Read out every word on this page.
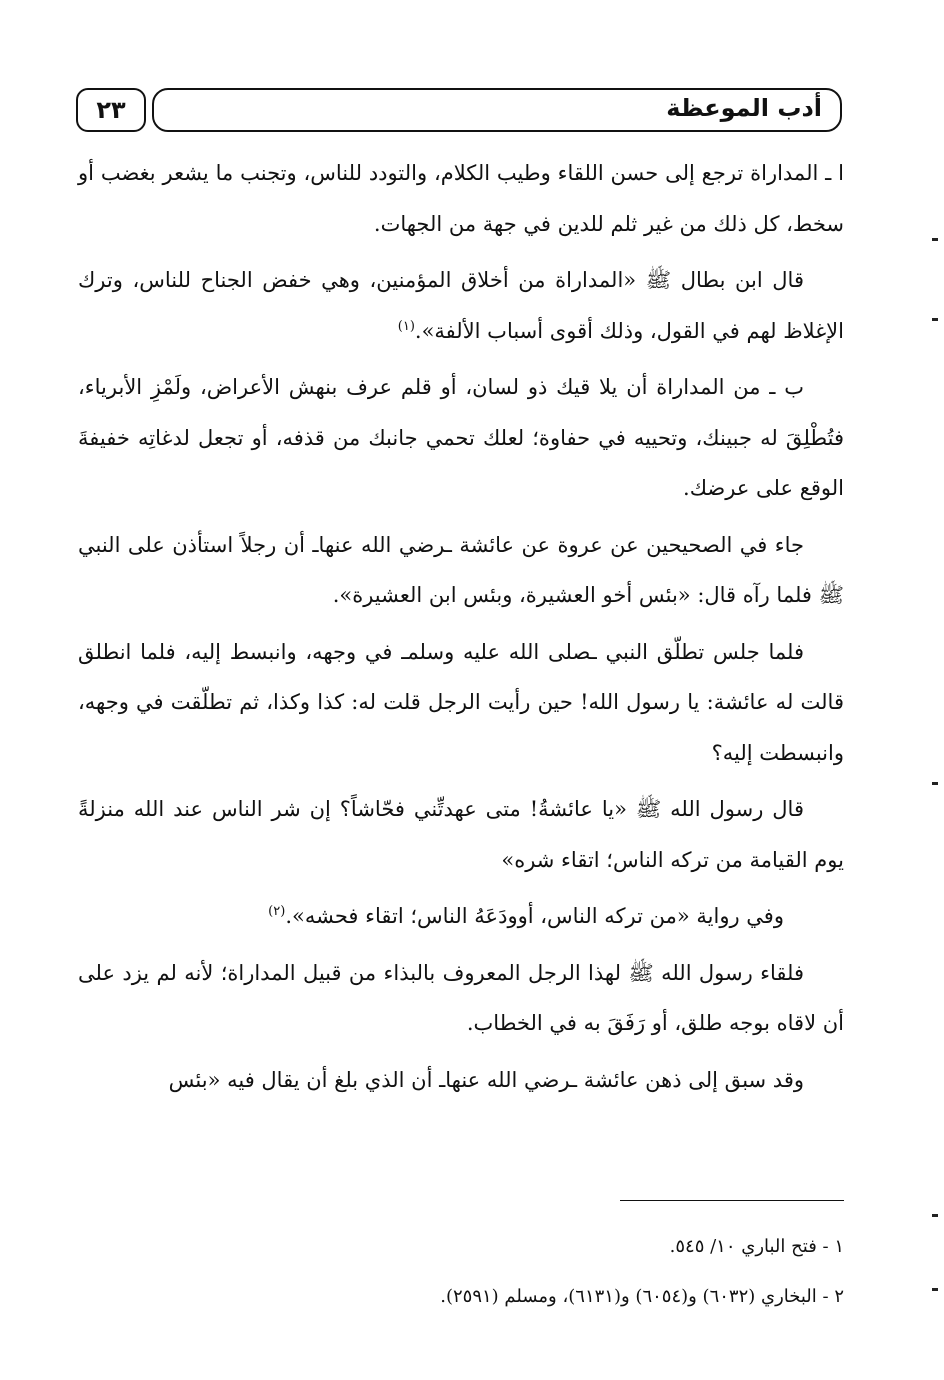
أدب الموعظة
٢٣

ا ـ المداراة ترجع إلى حسن اللقاء وطيب الكلام، والتودد للناس، وتجنب ما يشعر بغضب أو سخط، كل ذلك من غير ثلم للدين في جهة من الجهات.

قال ابن بطال ﷺ «المداراة من أخلاق المؤمنين، وهي خفض الجناح للناس، وترك الإغلاظ لهم في القول، وذلك أقوى أسباب الألفة».$^{(١)}$

ب ـ من المداراة أن يلا قيك ذو لسان، أو قلم عرف بنهش الأعراض، ولَمْزِ الأبرياء، فتُطْلِقَ له جبينك، وتحييه في حفاوة؛ لعلك تحمي جانبك من قذفه، أو تجعل لدغاتِه خفيفةَ الوقع على عرضك.

جاء في الصحيحين عن عروة عن عائشة ـرضي الله عنهاـ أن رجلاً استأذن على النبي ﷺ فلما رآه قال: «بئس أخو العشيرة، وبئس ابن العشيرة».

فلما جلس تطلّق النبي ـصلى الله عليه وسلمـ في وجهه، وانبسط إليه، فلما انطلق قالت له عائشة: يا رسول الله! حين رأيت الرجل قلت له: كذا وكذا، ثم تطلّقت في وجهه، وانبسطت إليه؟

قال رسول الله ﷺ «يا عائشةُ! متى عهدتِّني فحّاشاً؟ إن شر الناس عند الله منزلةً يوم القيامة من تركه الناس؛ اتقاء شره»

وفي رواية «من تركه الناس، أوودَعَهُ الناس؛ اتقاء فحشه».$^{(٢)}$

فلقاء رسول الله ﷺ لهذا الرجل المعروف بالبذاء من قبيل المداراة؛ لأنه لم يزد على أن لاقاه بوجه طلق، أو رَفَقَ به في الخطاب.

وقد سبق إلى ذهن عائشة ـرضي الله عنهاـ أن الذي بلغ أن يقال فيه «بئس

١ - فتح الباري ١٠/ ٥٤٥.

٢ - البخاري (٦٠٣٢) و(٦٠٥٤) و(٦١٣١)، ومسلم (٢٥٩١).
